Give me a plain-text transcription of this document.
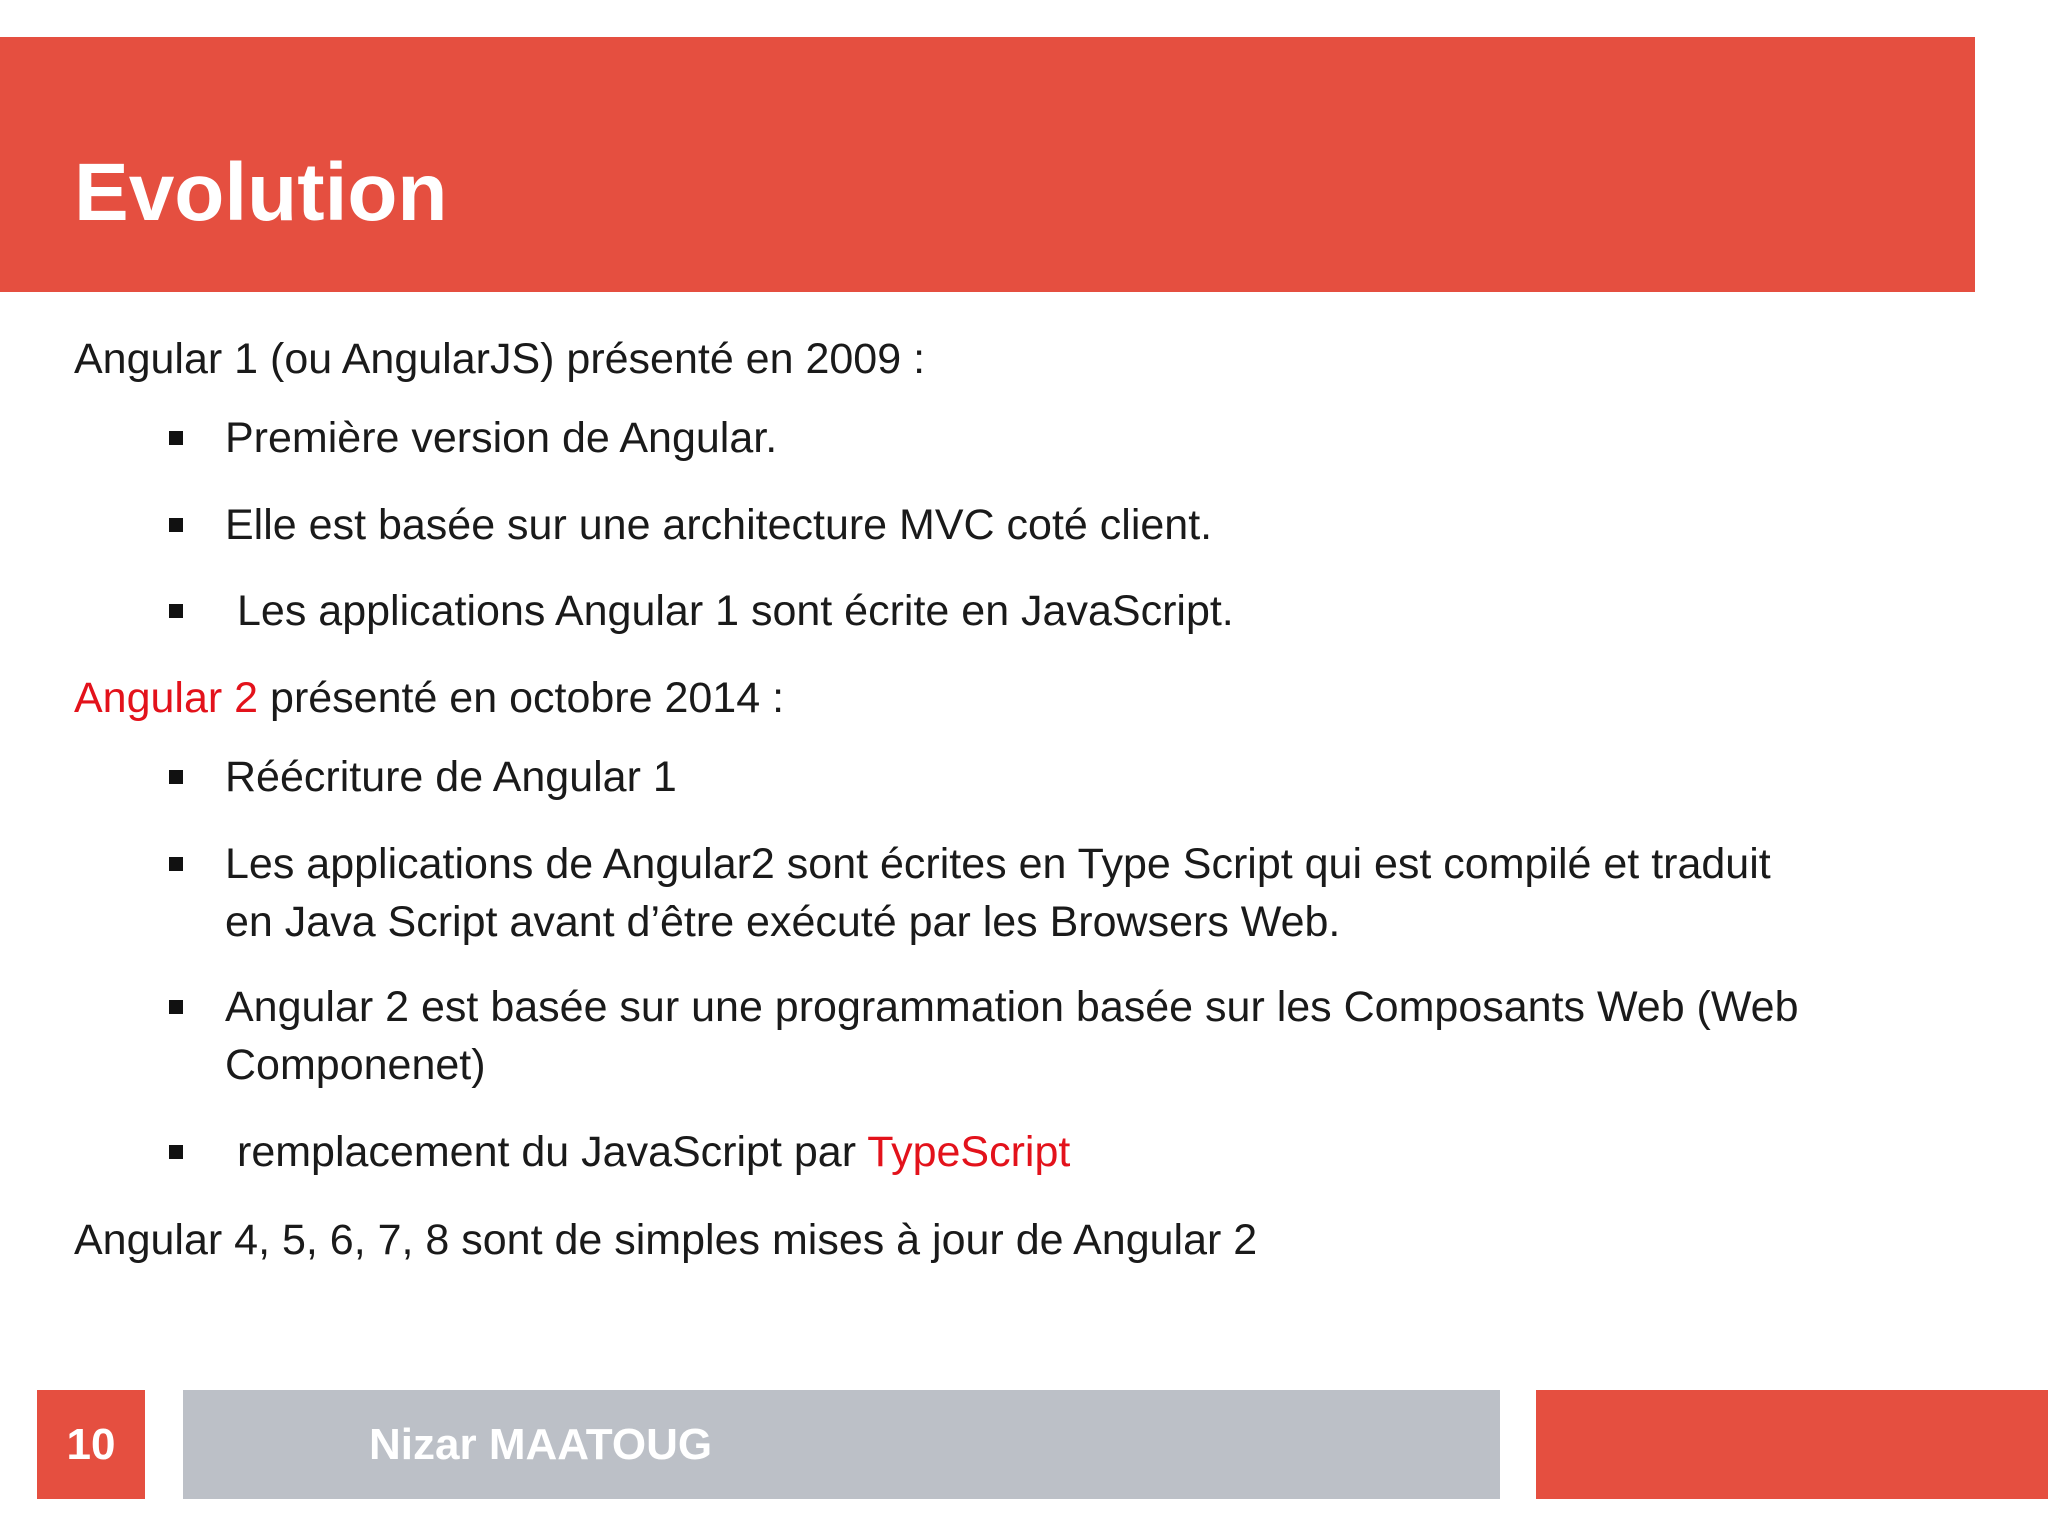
Evolution
Angular 1 (ou AngularJS) présenté en 2009 :
Première version de Angular.
Elle est basée sur une architecture MVC coté client.
Les applications Angular 1 sont écrite en JavaScript.
Angular 2 présenté en octobre 2014 :
Réécriture de Angular 1
Les applications de Angular2 sont écrites en Type Script qui est compilé et traduit
en Java Script avant d’être exécuté par les Browsers Web.
Angular 2 est basée sur une programmation basée sur les Composants Web (Web
Componenet)
remplacement du JavaScript par TypeScript
Angular 4, 5, 6, 7, 8 sont de simples mises à jour de Angular 2
10	Nizar MAATOUG
